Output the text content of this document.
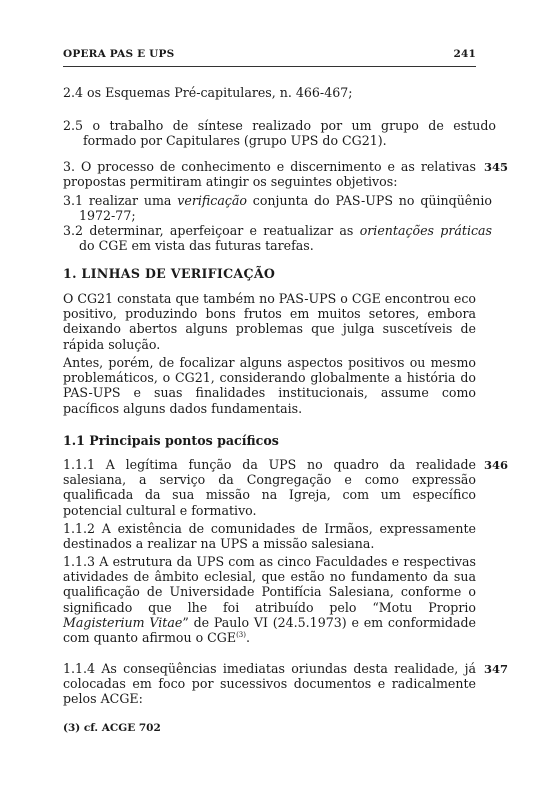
OPERA PAS E UPS	241

2.4 os Esquemas Pré-capitulares, n. 466-467;

2.5 o trabalho de síntese realizado por um grupo de estudo formado por Capitulares (grupo UPS do CG21).

3. O processo de conhecimento e discernimento e as relativas propostas permitiram atingir os seguintes objetivos:

345

3.1 realizar uma verificação conjunta do PAS-UPS no qüinqüênio 1972-77;

3.2 determinar, aperfeiçoar e reatualizar as orientações práticas do CGE em vista das futuras tarefas.

1. LINHAS DE VERIFICAÇÃO

O CG21 constata que também no PAS-UPS o CGE encontrou eco positivo, produzindo bons frutos em muitos setores, embora deixando abertos alguns problemas que julga suscetíveis de rápida solução.

Antes, porém, de focalizar alguns aspectos positivos ou mesmo problemáticos, o CG21, considerando globalmente a história do PAS-UPS e suas finalidades institucionais, assume como pacíficos alguns dados fundamentais.

1.1 Principais pontos pacíficos

1.1.1 A legítima função da UPS no quadro da realidade salesiana, a serviço da Congregação e como expressão qualificada da sua missão na Igreja, com um específico potencial cultural e formativo.

346

1.1.2 A existência de comunidades de Irmãos, expressamente destinados a realizar na UPS a missão salesiana.

1.1.3 A estrutura da UPS com as cinco Faculdades e respectivas atividades de âmbito eclesial, que estão no fundamento da sua qualificação de Universidade Pontifícia Salesiana, conforme o significado que lhe foi atribuído pelo “Motu Proprio Magisterium Vitae” de Paulo VI (24.5.1973) e em conformidade com quanto afirmou o CGE$^{(3)}$.

1.1.4 As conseqüências imediatas oriundas desta realidade, já colocadas em foco por sucessivos documentos e radicalmente pelos ACGE:

347

(3) cf. ACGE 702
